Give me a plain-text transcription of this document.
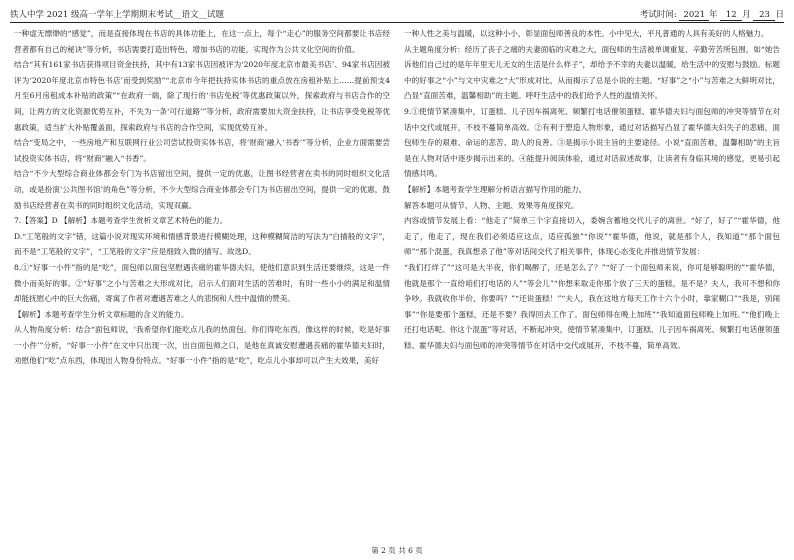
铁人中学 2021 级高一学年上学期期末考试__语文__试题	考试时间: 2021 年 12 月 23 日

一种虚无缥缈的“感觉”，而是直接体现在书店的具体功能上，在这一点上，每个“走心”的服务空间都要让书店经营者都有自己的秘诀”等分析，书店需要打造出特色，增加书店的功能，实现作为公共文化空间的价值。

结合“其有161家书店获得项目资金扶持，其中有13家书店因被评为‘2020年度北京市最美书店’、94家书店因被评为‘2020年度北京市特色书店’而受到奖励”“北京市今年把扶持实体书店的重点放在房租补贴上……提前预支4月至6月房租成本补贴的政策”“在政府一端，除了现行的‘书店免税’等优惠政策以外，探索政府与书店合作的空间，让两方的文化资源优势互补，不失为一条‘可行道路’”等分析，政府需要加大资金扶持，让书店享受免税等优惠政策，适当扩大补贴覆盖面，探索政府与书店的合作空间，实现优势互补。

结合“变局之中，一些房地产和互联网行业公司尝试投资实体书店，将‘财商’融入‘书香’”等分析，企业方面需要尝试投资实体书店，将“财商”融入“书香”。

结合“不少大型综合商业体都会专门为书店留出空间，提供一定的优惠，让图书经营者在卖书的同时组织文化活动，或是扮演‘公共图书馆’的角色”等分析，不少大型综合商业体都会专门为书店留出空间，提供一定的优惠，鼓励书店经营者在卖书的同时组织文化活动，实现双赢。

7.【答案】D 【解析】本题考查学生赏析文章艺术特色的能力。

D.“工笔般的文字”错，这篇小说对现实环境和情感背景进行模糊处理，这种模糊简洁的写法为“白描般的文字”，而不是“工笔般的文字”，“工笔般的文字”应是细致入微的描写。故选D。

8.①“好事一小件”指的是“吃”，面包师以面包坚慰遇丧痛的霍华德夫妇，使他们意识到生活还要继续，这是一件微小而美好的事。②“好事”之小与苦难之大形成对比，启示人们面对生活的苦难时，有时一些小小的满足和温情却能抚慰心中的巨大伤痛，寄寓了作者对遭遇苦难之人的悲悯和人性中温情的赞美。

【解析】本题考查学生分析文章标题的含义的能力。

从人物角度分析：结合“面包师说，‘我希望你们能吃点儿我的热面包。你们得吃东西，像这样的时候，吃是好事一小件’”分析，“好事一小件”在文中只出现一次，出自面包师之口，是他在真诚安慰遭遇丧痛的霍华德夫妇时，劝慰他们“吃”点东西，体现出人物身份特点。“好事一小件”指的是“吃”，吃点儿小事却可以产生大效果，美好

一种人性之美与温暖，以这种小小，彰显面包师善良的本性。小中见大，平凡普通的人具有美好的人格魅力。

从主题角度分析：经历了丧子之痛的夫妻面临的灾难之大，面包师的生活被单调重复、辛勤劳苦所包围，如“她告诉他们自己过的是年年里无儿无女的生活是什么样子”，却给予不幸的夫妻以温暖，给生活中的安慰与鼓励。标题中的好事之“小”与文中灾难之“大”形成对比，从而揭示了总是小说的主题。“好事”之“小”与苦难之大鲜明对比，凸显“直面苦难，温馨相助”的主题。呼吁生活中的我们给予人性的温情关怀。

9.①使情节紧凑集中，订蛋糕、儿子因车祸离死、频繁打电话催领蛋糕、霍华德夫妇与面包师的冲突等情节在对话中交代或展开，不枝不蔓简单高效。②有利于塑造人物形象，通过对话描写凸显了霍华德夫妇失子的悲痛，面包师生存的艰难、命运的悲苦、助人的良善。③是揭示小说主旨的主要途径。小说“直面苦难，温馨相助”的主旨是在人物对话中逐步揭示出来的。④能提升阅读体验，通过对话叙述故事，让读者有身临其境的感觉，更易引起情感共鸣。

【解析】本题考查学生理解分析语言描写作用的能力。

解答本题可从情节、人物、主题、效果等角度探究。

内容或情节发展上看：“他走了”简单三个字直接切入，委婉含蓄地交代儿子的离世。“好了，好了”“霍华德，他走了，他走了，现在我们必须适应这点，适应孤独”“你说”“霍华德，他说，就是那个人，我知道”“那个面包师”“那个混蛋，我真想杀了他”等对话间交代了相关事件，体现心态变化并推进情节发展：

“我们打烊了”“这可是大半夜，你们喝醉了，还是怎么了？”“好了一个面包师来说，你可是够聪明的”“霍华德，他就是那个一直给咱们打电话的人”“等会儿”“你想来取走你那个放了三天的蛋糕，是不是？夫人，我可不想和你争吵。我就收你半价，你要吗？”“还说蛋糕！”“夫人，我在这地方每天工作十六个小时，靠家糊口”“我是，别闹事”“你是要那个蛋糕，还是不要？我得回去工作了。面包师得在晚上加班”“我知道面包师晚上加班。”“他们晚上还打电话呢。你这个混蛋”等对话，不断起冲突，使情节紧凑集中，订蛋糕、儿子因车祸离死、频繁打电话催领蛋糕、霍华德夫妇与面包师的冲突等情节在对话中交代或展开，不枝不蔓，简单高效。

第 2 页 共 6 页
